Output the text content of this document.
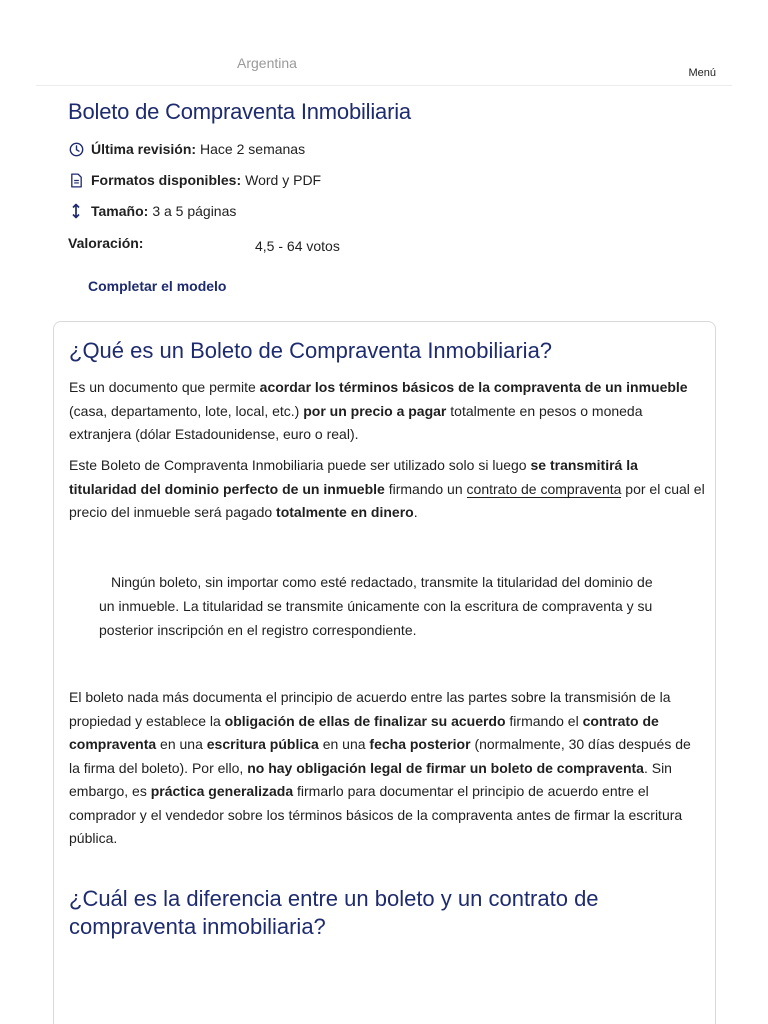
Argentina
Menú
Boleto de Compraventa Inmobiliaria
Última revisión: Hace 2 semanas
Formatos disponibles: Word y PDF
Tamaño: 3 a 5 páginas
Valoración:	4,5 - 64 votos
Completar el modelo
¿Qué es un Boleto de Compraventa Inmobiliaria?

Es un documento que permite acordar los términos básicos de la compraventa de un inmueble (casa, departamento, lote, local, etc.) por un precio a pagar totalmente en pesos o moneda extranjera (dólar Estadounidense, euro o real).

Este Boleto de Compraventa Inmobiliaria puede ser utilizado solo si luego se transmitirá la titularidad del dominio perfecto de un inmueble firmando un contrato de compraventa por el cual el precio del inmueble será pagado totalmente en dinero.

Ningún boleto, sin importar como esté redactado, transmite la titularidad del dominio de un inmueble. La titularidad se transmite únicamente con la escritura de compraventa y su posterior inscripción en el registro correspondiente.

El boleto nada más documenta el principio de acuerdo entre las partes sobre la transmisión de la propiedad y establece la obligación de ellas de finalizar su acuerdo firmando el contrato de compraventa en una escritura pública en una fecha posterior (normalmente, 30 días después de la firma del boleto). Por ello, no hay obligación legal de firmar un boleto de compraventa. Sin embargo, es práctica generalizada firmarlo para documentar el principio de acuerdo entre el comprador y el vendedor sobre los términos básicos de la compraventa antes de firmar la escritura pública.

¿Cuál es la diferencia entre un boleto y un contrato de compraventa inmobiliaria?
